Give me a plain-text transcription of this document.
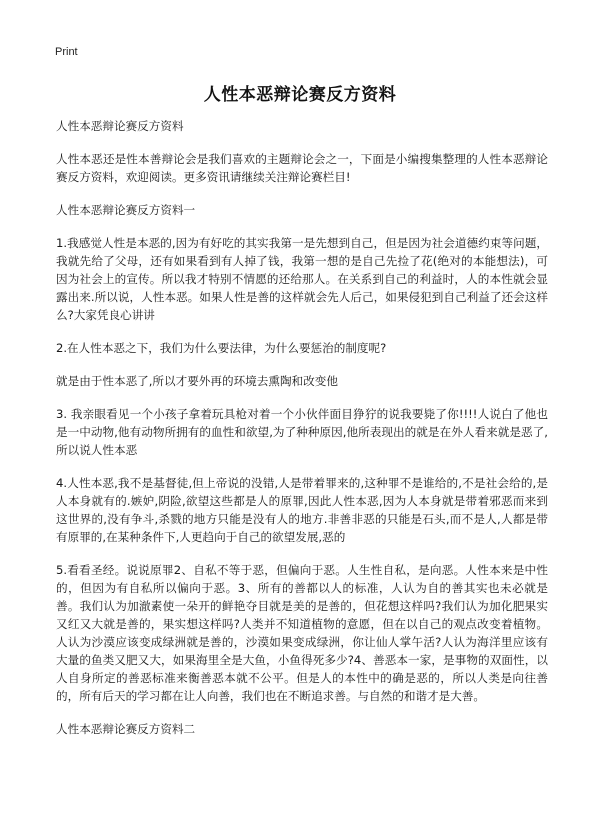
Print
人性本恶辩论赛反方资料

人性本恶辩论赛反方资料

人性本恶还是性本善辩论会是我们喜欢的主题辩论会之一，下面是小编搜集整理的人性本恶辩论赛反方资料，欢迎阅读。更多资讯请继续关注辩论赛栏目!

人性本恶辩论赛反方资料一

1.我感觉人性是本恶的,因为有好吃的其实我第一是先想到自己，但是因为社会道德约束等问题，我就先给了父母，还有如果看到有人掉了钱，我第一想的是自己先捡了花(绝对的本能想法)，可因为社会上的宣传。所以我才特别不情愿的还给那人。在关系到自己的利益时，人的本性就会显露出来.所以说，人性本恶。如果人性是善的这样就会先人后己，如果侵犯到自己利益了还会这样么?大家凭良心讲讲

2.在人性本恶之下，我们为什么要法律，为什么要惩治的制度呢?

就是由于性本恶了,所以才要外再的环境去熏陶和改变他

3. 我亲眼看见一个小孩子拿着玩具枪对着一个小伙伴面目狰狞的说我要毙了你!!!!人说白了他也是一中动物,他有动物所拥有的血性和欲望,为了种种原因,他所表现出的就是在外人看来就是恶了,所以说人性本恶

4.人性本恶,我不是基督徒,但上帝说的没错,人是带着罪来的,这种罪不是谁给的,不是社会给的,是人本身就有的.嫉妒,阴险,欲望这些都是人的原罪,因此人性本恶,因为人本身就是带着邪恶而来到这世界的,没有争斗,杀戮的地方只能是没有人的地方.非善非恶的只能是石头,而不是人,人都是带有原罪的,在某种条件下,人更趋向于自己的欲望发展,恶的

5.看看圣经。说说原罪2、自私不等于恶，但偏向于恶。人生性自私，是向恶。人性本来是中性的，但因为有自私所以偏向于恶。3、所有的善都以人的标准，人认为自的善其实也未必就是善。我们认为加澈素使一朵开的鲜艳夺目就是美的是善的，但花想这样吗?我们认为加化肥果实又红又大就是善的，果实想这样吗?人类并不知道植物的意愿，但在以自己的观点改变着植物。人认为沙漠应该变成绿洲就是善的，沙漠如果变成绿洲，你让仙人掌午活?人认为海洋里应该有大量的鱼类又肥又大，如果海里全是大鱼，小鱼得死多少?4、善恶本一家，是事物的双面性，以人自身所定的善恶标准来衡善恶本就不公平。但是人的本性中的确是恶的，所以人类是向往善的，所有后天的学习都在让人向善，我们也在不断追求善。与自然的和谐才是大善。

人性本恶辩论赛反方资料二
